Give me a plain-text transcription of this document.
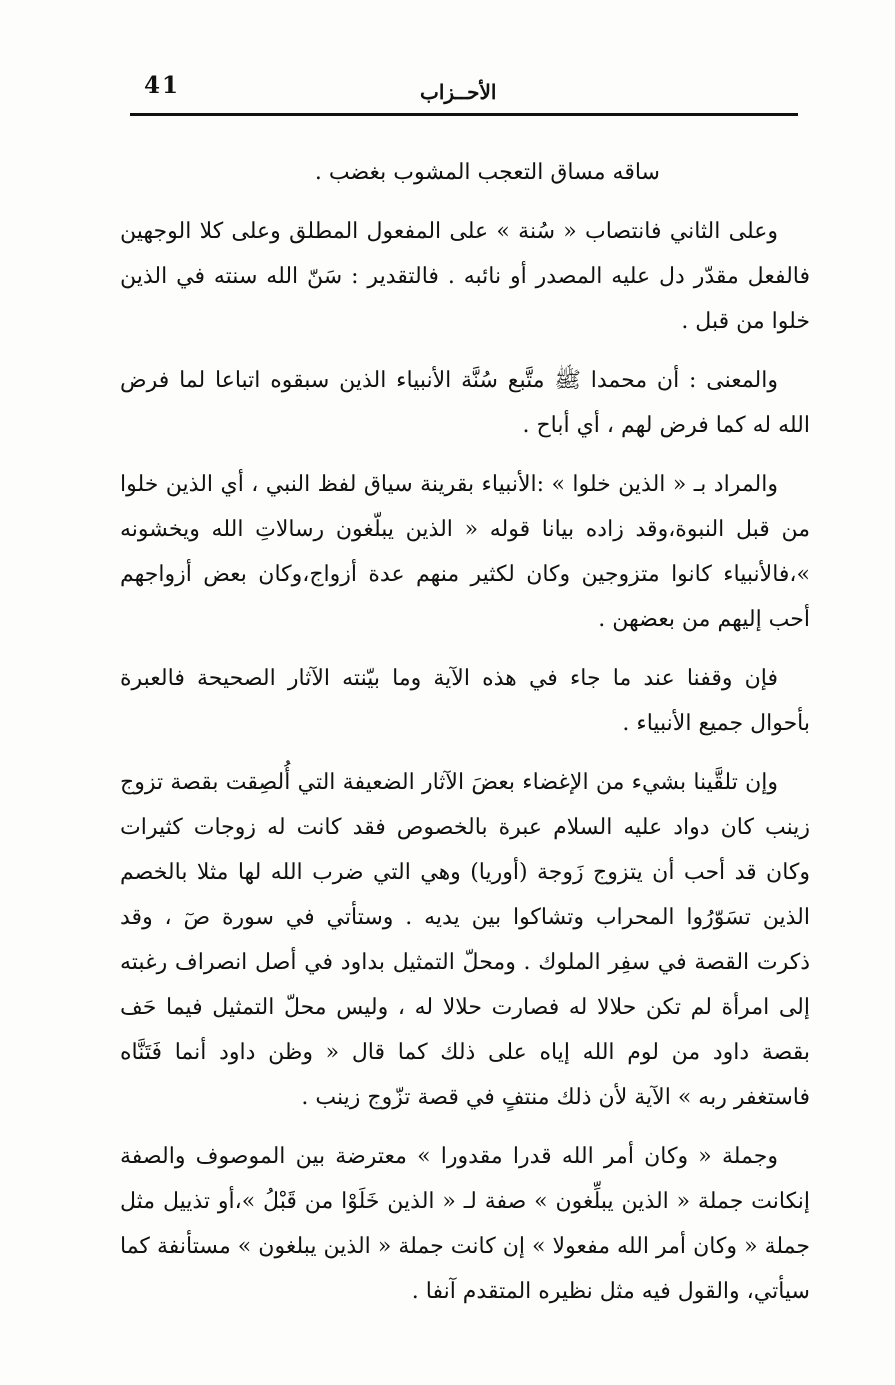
41	الأحــزاب

ساقه مساق التعجب المشوب بغضب .

وعلى الثاني فانتصاب « سُنة » على المفعول المطلق وعلى كلا الوجهين فالفعل مقدّر دل عليه المصدر أو نائبه . فالتقدير : سَنّ الله سنته في الذين خلوا من قبل .

والمعنى : أن محمدا ﷺ متَّبع سُنَّة الأنبياء الذين سبقوه اتباعا لما فرض الله له كما فرض لهم ، أي أباح .

والمراد بـ « الذين خلوا » :الأنبياء بقرينة سياق لفظ النبي ، أي الذين خلوا من قبل النبوة،وقد زاده بيانا قوله « الذين يبلّغون رسالاتِ الله ويخشونه »،فالأنبياء كانوا متزوجين وكان لكثير منهم عدة أزواج،وكان بعض أزواجهم أحب إليهم من بعضهن .

فإن وقفنا عند ما جاء في هذه الآية وما بيّنته الآثار الصحيحة فالعبرة بأحوال جميع الأنبياء .

وإن تلقَّينا بشيء من الإغضاء بعضَ الآثار الضعيفة التي أُلصِقت بقصة تزوج زينب كان دواد عليه السلام عبرة بالخصوص فقد كانت له زوجات كثيرات وكان قد أحب أن يتزوج زَوجة (أوريا) وهي التي ضرب الله لها مثلا بالخصم الذين تسَوّرُوا المحراب وتشاكوا بين يديه . وستأتي في سورة صٓ ، وقد ذكرت القصة في سفِر الملوك . ومحلّ التمثيل بداود في أصل انصراف رغبته إلى امرأة لم تكن حلالا له فصارت حلالا له ، وليس محلّ التمثيل فيما حَف بقصة داود من لوم الله إياه على ذلك كما قال « وظن داود أنما فَتَنَّاه فاستغفر ربه » الآية لأن ذلك منتفٍ في قصة تزّوج زينب .

وجملة « وكان أمر الله قدرا مقدورا » معترضة بين الموصوف والصفة إنكانت جملة « الذين يبلِّغون » صفة لـ « الذين خَلَوْا من قَبْلُ »،أو تذييل مثل جملة « وكان أمر الله مفعولا » إن كانت جملة « الذين يبلغون » مستأنفة كما سيأتي، والقول فيه مثل نظيره المتقدم آنفا .
